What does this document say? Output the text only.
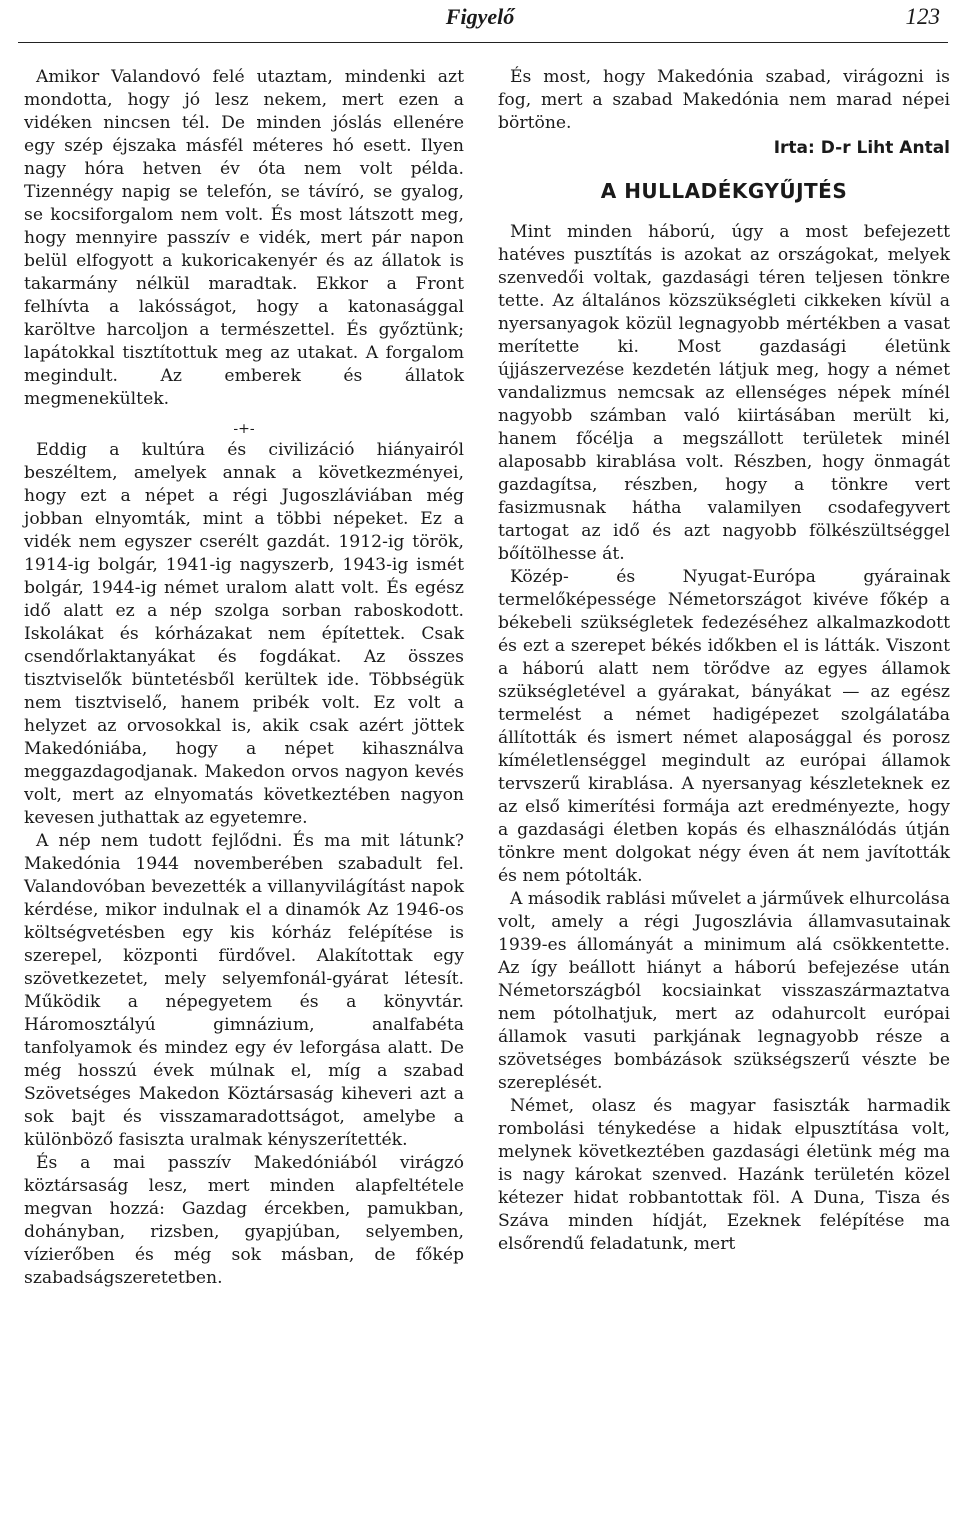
Figyelő	123

Amikor Valandovó felé utaztam, mindenki azt mondotta, hogy jó lesz nekem, mert ezen a vidéken nincsen tél. De minden jóslás ellenére egy szép éjszaka másfél méteres hó esett. Ilyen nagy hóra hetven év óta nem volt példa. Tizennégy napig se telefón, se távíró, se gyalog, se kocsiforgalom nem volt. És most látszott meg, hogy mennyire passzív e vidék, mert pár napon belül elfogyott a kukoricakenyér és az állatok is takarmány nélkül maradtak. Ekkor a Front felhívta a lakósságot, hogy a katonasággal karöltve harcoljon a természettel. És győztünk; lapátokkal tisztítottuk meg az utakat. A forgalom megindult. Az emberek és állatok megmenekültek.

-+-

Eddig a kultúra és civilizáció hiányairól beszéltem, amelyek annak a következményei, hogy ezt a népet a régi Jugoszláviában még jobban elnyomták, mint a többi népeket. Ez a vidék nem egyszer cserélt gazdát. 1912-ig török, 1914-ig bolgár, 1941-ig nagyszerb, 1943-ig ismét bolgár, 1944-ig német uralom alatt volt. És egész idő alatt ez a nép szolga sorban raboskodott. Iskolákat és kórházakat nem építettek. Csak csendőrlaktanyákat és fogdákat. Az összes tisztviselők büntetésből kerültek ide. Többségük nem tisztviselő, hanem pribék volt. Ez volt a helyzet az orvosokkal is, akik csak azért jöttek Makedóniába, hogy a népet kihasználva meggazdagodjanak. Makedon orvos nagyon kevés volt, mert az elnyomatás következtében nagyon kevesen juthattak az egyetemre.

A nép nem tudott fejlődni. És ma mit látunk? Makedónia 1944 novemberében szabadult fel. Valandovóban bevezették a villanyvilágítást napok kérdése, mikor indulnak el a dinamók Az 1946-os költségvetésben egy kis kórház felépítése is szerepel, központi fürdővel. Alakítottak egy szövetkezetet, mely selyemfonál-gyárat létesít. Működik a népegyetem és a könyvtár. Háromosztályú gimnázium, analfabéta tanfolyamok és mindez egy év leforgása alatt. De még hosszú évek múlnak el, míg a szabad Szövetséges Makedon Köztársaság kiheveri azt a sok bajt és visszamaradottságot, amelybe a különböző fasiszta uralmak kényszerítették.

És a mai passzív Makedóniából virágzó köztársaság lesz, mert minden alapfeltétele megvan hozzá: Gazdag ércekben, pamukban, dohányban, rizsben, gyapjúban, selyemben, vízierőben és még sok másban, de főkép szabadságszeretetben.

És most, hogy Makedónia szabad, virágozni is fog, mert a szabad Makedónia nem marad népei börtöne.

Irta: D-r Liht Antal
A HULLADÉKGYŰJTÉS

Mint minden háború, úgy a most befejezett hatéves pusztítás is azokat az országokat, melyek szenvedői voltak, gazdasági téren teljesen tönkre tette. Az általános közszükségleti cikkeken kívül a nyersanyagok közül legnagyobb mértékben a vasat merítette ki. Most gazdasági életünk újjászervezése kezdetén látjuk meg, hogy a német vandalizmus nemcsak az ellenséges népek mínél nagyobb számban való kiirtásában merült ki, hanem főcélja a megszállott területek minél alaposabb kirablása volt. Részben, hogy önmagát gazdagítsa, részben, hogy a tönkre vert fasizmusnak hátha valamilyen csodafegyvert tartogat az idő és azt nagyobb fölkészültséggel bőítölhesse át.

Közép- és Nyugat-Európa gyárainak termelőképessége Németországot kivéve főkép a békebeli szükségletek fedezéséhez alkalmazkodott és ezt a szerepet békés időkben el is látták. Viszont a háború alatt nem törődve az egyes államok szükségletével a gyárakat, bányákat — az egész termelést a német hadigépezet szolgálatába állították és ismert német alaposággal és porosz kíméletlenséggel megindult az európai államok tervszerű kirablása. A nyersanyag készleteknek ez az első kimerítési formája azt eredményezte, hogy a gazdasági életben kopás és elhasználódás útján tönkre ment dolgokat négy éven át nem javították és nem pótolták.

A második rablási művelet a járművek elhurcolása volt, amely a régi Jugoszlávia államvasutainak 1939-es állományát a minimum alá csökkentette. Az így beállott hiányt a háború befejezése után Németországból kocsiainkat visszaszármaztatva nem pótolhatjuk, mert az odahurcolt európai államok vasuti parkjának legnagyobb része a szövetséges bombázások szükségszerű vészte be szereplését.

Német, olasz és magyar fasiszták harmadik rombolási ténykedése a hidak elpusztítása volt, melynek következtében gazdasági életünk még ma is nagy károkat szenved. Hazánk területén közel kétezer hidat robbantottak föl. A Duna, Tisza és Száva minden hídját, Ezeknek felépítése ma elsőrendű feladatunk, mert
